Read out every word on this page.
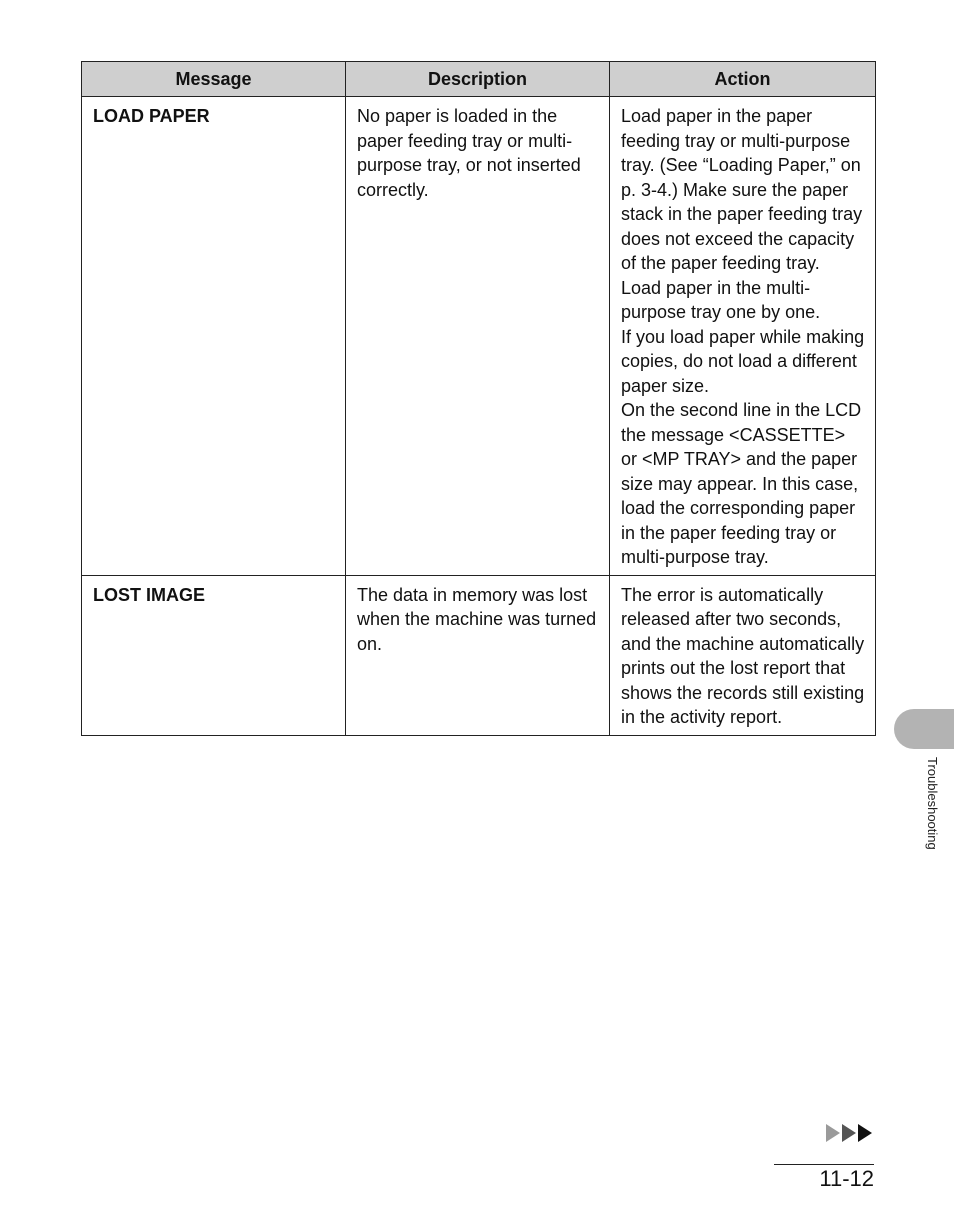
Message	Description	Action
LOAD PAPER	No paper is loaded in the paper feeding tray or multi-purpose tray, or not inserted correctly.	Load paper in the paper feeding tray or multi-purpose tray. (See “Loading Paper,” on p. 3-4.) Make sure the paper stack in the paper feeding tray does not exceed the capacity of the paper feeding tray.

Load paper in the multi-purpose tray one by one.

If you load paper while making copies, do not load a different paper size.

On the second line in the LCD the message <CASSETTE> or <MP TRAY> and the paper size may appear. In this case, load the corresponding paper in the paper feeding tray or multi-purpose tray.

LOST IMAGE	The data in memory was lost when the machine was turned on.	The error is automatically released after two seconds, and the machine automatically prints out the lost report that shows the records still existing in the activity report.

Troubleshooting
11-12
